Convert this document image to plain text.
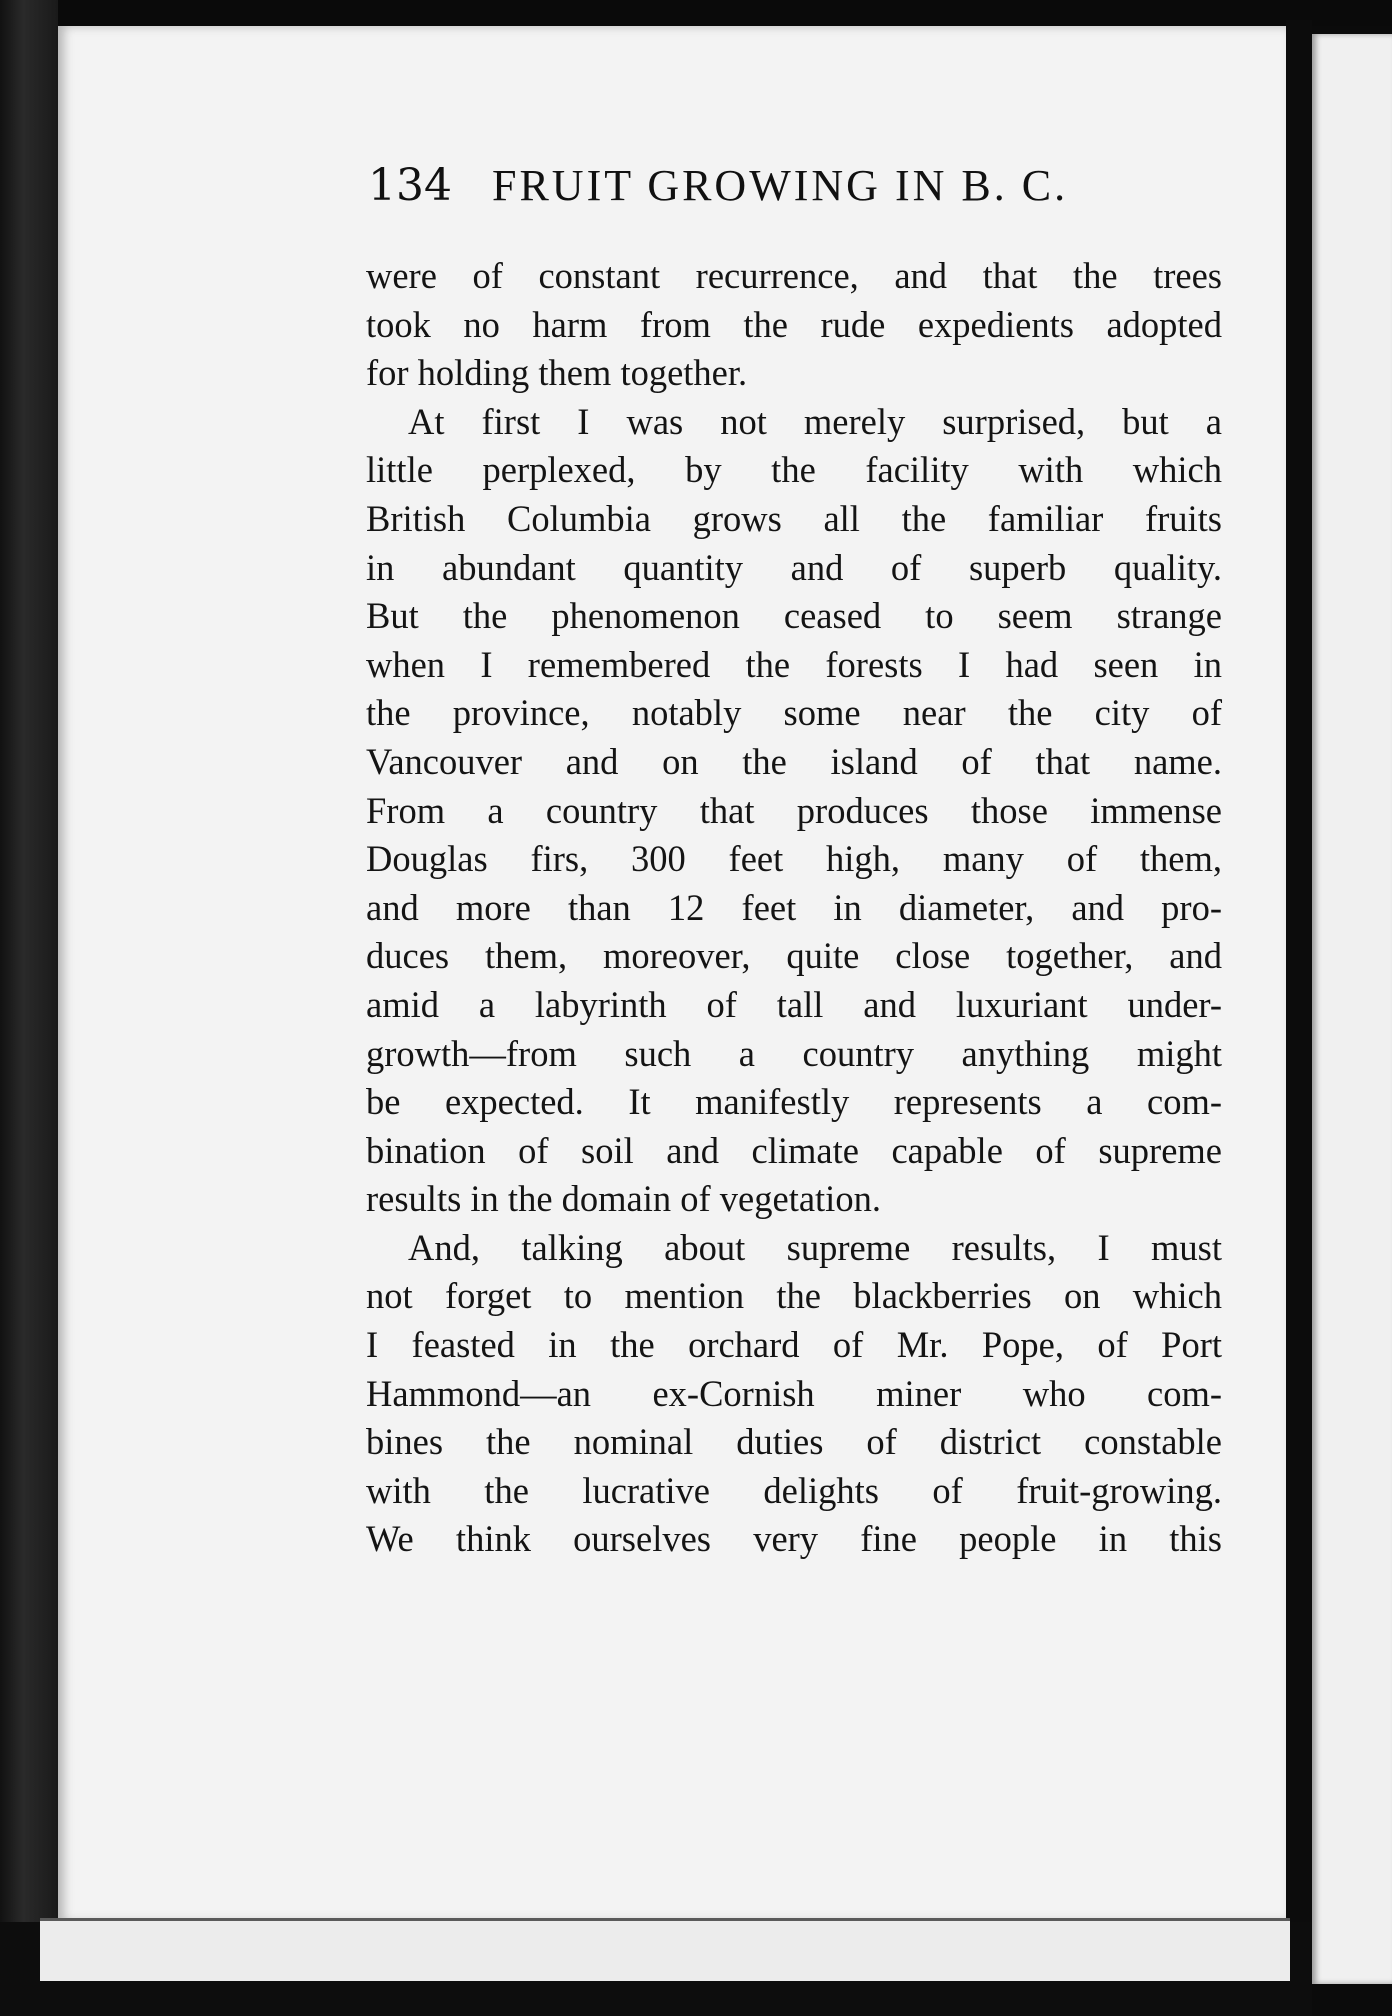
134 FRUIT GROWING IN B. C.
were of constant recurrence, and that the trees
took no harm from the rude expedients adopted
for holding them together.
At first I was not merely surprised, but a
little perplexed, by the facility with which
British Columbia grows all the familiar fruits
in abundant quantity and of superb quality.
But the phenomenon ceased to seem strange
when I remembered the forests I had seen in
the province, notably some near the city of
Vancouver and on the island of that name.
From a country that produces those immense
Douglas firs, 300 feet high, many of them,
and more than 12 feet in diameter, and pro-
duces them, moreover, quite close together, and
amid a labyrinth of tall and luxuriant under-
growth—from such a country anything might
be expected. It manifestly represents a com-
bination of soil and climate capable of supreme
results in the domain of vegetation.
And, talking about supreme results, I must
not forget to mention the blackberries on which
I feasted in the orchard of Mr. Pope, of Port
Hammond—an ex-Cornish miner who com-
bines the nominal duties of district constable
with the lucrative delights of fruit-growing.
We think ourselves very fine people in this
